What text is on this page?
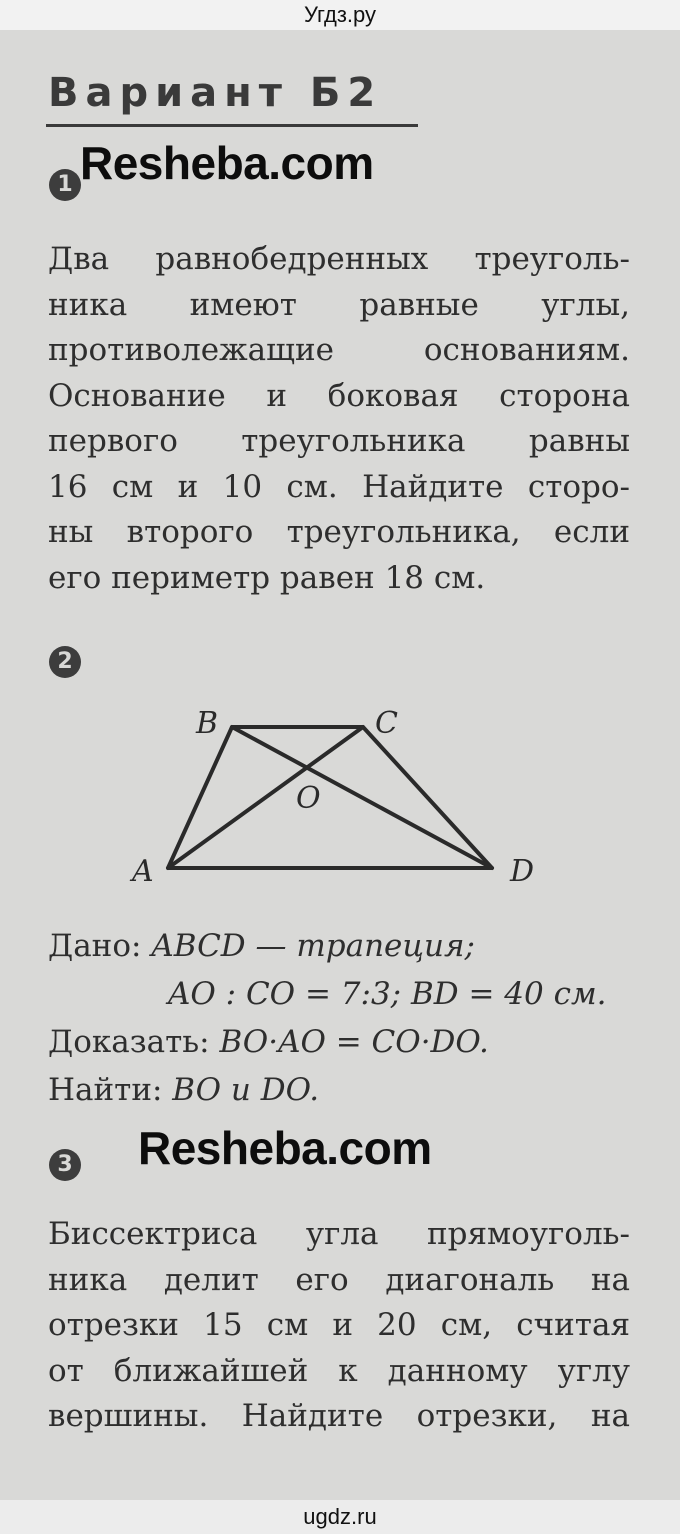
Угдз.ру
Вариант Б2
Resheba.com
1
Два равнобедренных треуголь-
ника имеют равные углы,
противолежащие основаниям.
Основание и боковая сторона
первого треугольника равны
16 см и 10 см. Найдите сторо-
ны второго треугольника, если
его периметр равен 18 см.
2
B	C
O
A	D
Дано: ABCD — трапеция;
AO : CO = 7:3; BD = 40 см.
Доказать: BO·AO = CO·DO.
Найти: BO и DO.
3 Resheba.com
Биссектриса угла прямоуголь-
ника делит его диагональ на
отрезки 15 см и 20 см, считая
от ближайшей к данному углу
вершины. Найдите отрезки, на
ugdz.ru
